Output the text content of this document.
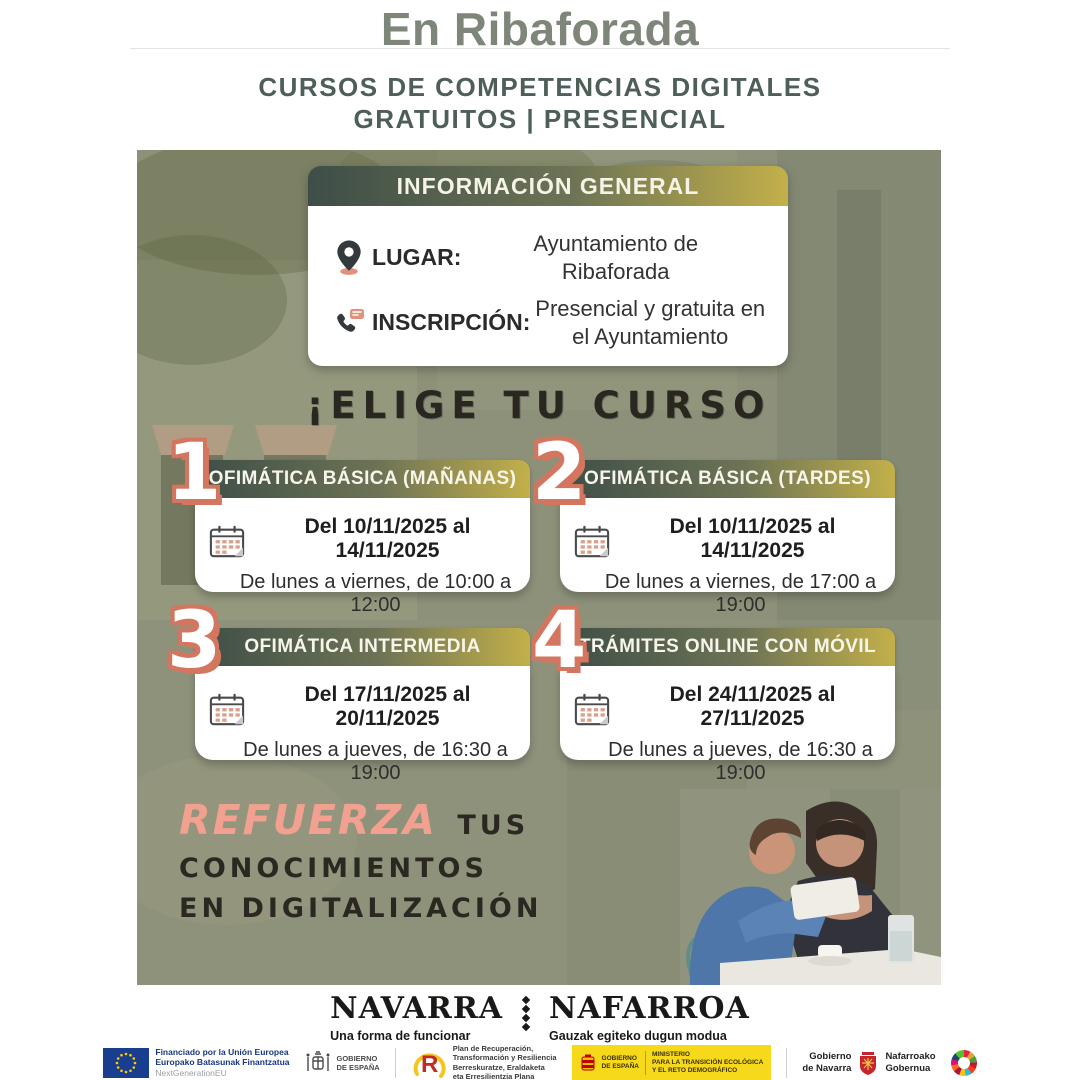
En Ribaforada
CURSOS DE COMPETENCIAS DIGITALES
GRATUITOS | PRESENCIAL
INFORMACIÓN GENERAL
LUGAR:
Ayuntamiento de Ribaforada
INSCRIPCIÓN:
Presencial y gratuita en el Ayuntamiento
¡ELIGE TU CURSO
1
OFIMÁTICA BÁSICA (MAÑANAS)
Del 10/11/2025 al 14/11/2025
De lunes a viernes, de 10:00 a 12:00
2
OFIMÁTICA BÁSICA (TARDES)
Del 10/11/2025 al 14/11/2025
De lunes a viernes, de 17:00 a 19:00
3	OFIMÁTICA INTERMEDIA
Del 17/11/2025 al 20/11/2025
De lunes a jueves, de 16:30 a 19:00
4
TRÁMITES ONLINE CON MÓVIL
Del 24/11/2025 al 27/11/2025
De lunes a jueves, de 16:30 a 19:00
REFUERZA TUS
CONOCIMIENTOS
EN DIGITALIZACIÓN
NAVARRA
Una forma de funcionar
NAFARROA
Gauzak egiteko dugun modua
Financiado por la Unión Europea
Europako Batasunak Finantzatua
NextGenerationEU
GOBIERNO
DE ESPAÑA R
Plan de Recuperación,
Transformación y Resiliencia
Berreskuratze, Eraldaketa
eta Erresilientzia Plana
GOBIERNO
DE ESPAÑA
MINISTERIO
PARA LA TRANSICIÓN ECOLÓGICA
Y EL RETO DEMOGRÁFICO
Gobierno
de Navarra
Nafarroako
Gobernua
